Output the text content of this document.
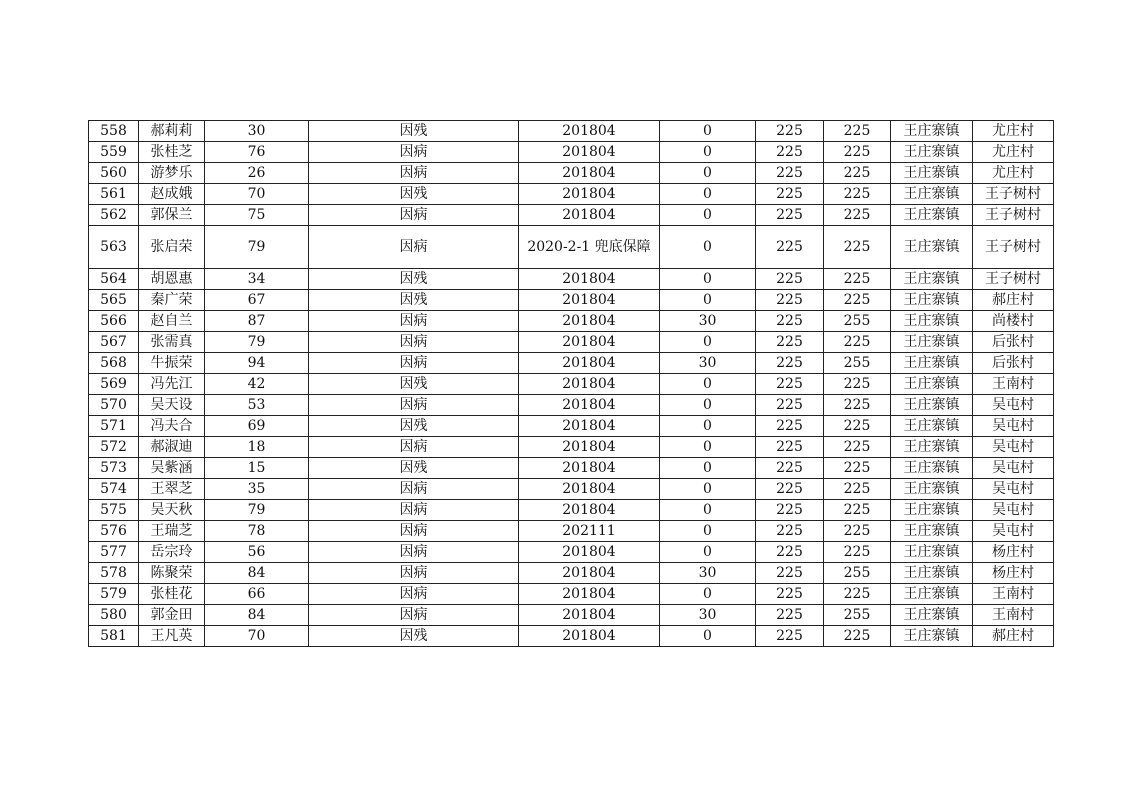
558	郝莉莉	30	因残	201804	0	225	225	王庄寨镇	尤庄村
559	张桂芝	76	因病	201804	0	225	225	王庄寨镇	尤庄村
560	游梦乐	26	因病	201804	0	225	225	王庄寨镇	尤庄村
561	赵成娥	70	因残	201804	0	225	225	王庄寨镇	王子树村
562	郭保兰	75	因病	201804	0	225	225	王庄寨镇	王子树村
563	张启荣	79	因病	2020-2-1 兜底保障	0	225	225	王庄寨镇	王子树村
564	胡恩惠	34	因残	201804	0	225	225	王庄寨镇	王子树村
565	秦广荣	67	因残	201804	0	225	225	王庄寨镇	郝庄村
566	赵自兰	87	因病	201804	30	225	255	王庄寨镇	尚楼村
567	张需真	79	因病	201804	0	225	225	王庄寨镇	后张村
568	牛振荣	94	因病	201804	30	225	255	王庄寨镇	后张村
569	冯先江	42	因残	201804	0	225	225	王庄寨镇	王南村
570	吴天设	53	因病	201804	0	225	225	王庄寨镇	吴屯村
571	冯夫合	69	因残	201804	0	225	225	王庄寨镇	吴屯村
572	郝淑迪	18	因病	201804	0	225	225	王庄寨镇	吴屯村
573	吴紫涵	15	因残	201804	0	225	225	王庄寨镇	吴屯村
574	王翠芝	35	因病	201804	0	225	225	王庄寨镇	吴屯村
575	吴天秋	79	因病	201804	0	225	225	王庄寨镇	吴屯村
576	王瑞芝	78	因病	202111	0	225	225	王庄寨镇	吴屯村
577	岳宗玲	56	因病	201804	0	225	225	王庄寨镇	杨庄村
578	陈聚荣	84	因病	201804	30	225	255	王庄寨镇	杨庄村
579	张桂花	66	因病	201804	0	225	225	王庄寨镇	王南村
580	郭金田	84	因病	201804	30	225	255	王庄寨镇	王南村
581	王凡英	70	因残	201804	0	225	225	王庄寨镇	郝庄村
